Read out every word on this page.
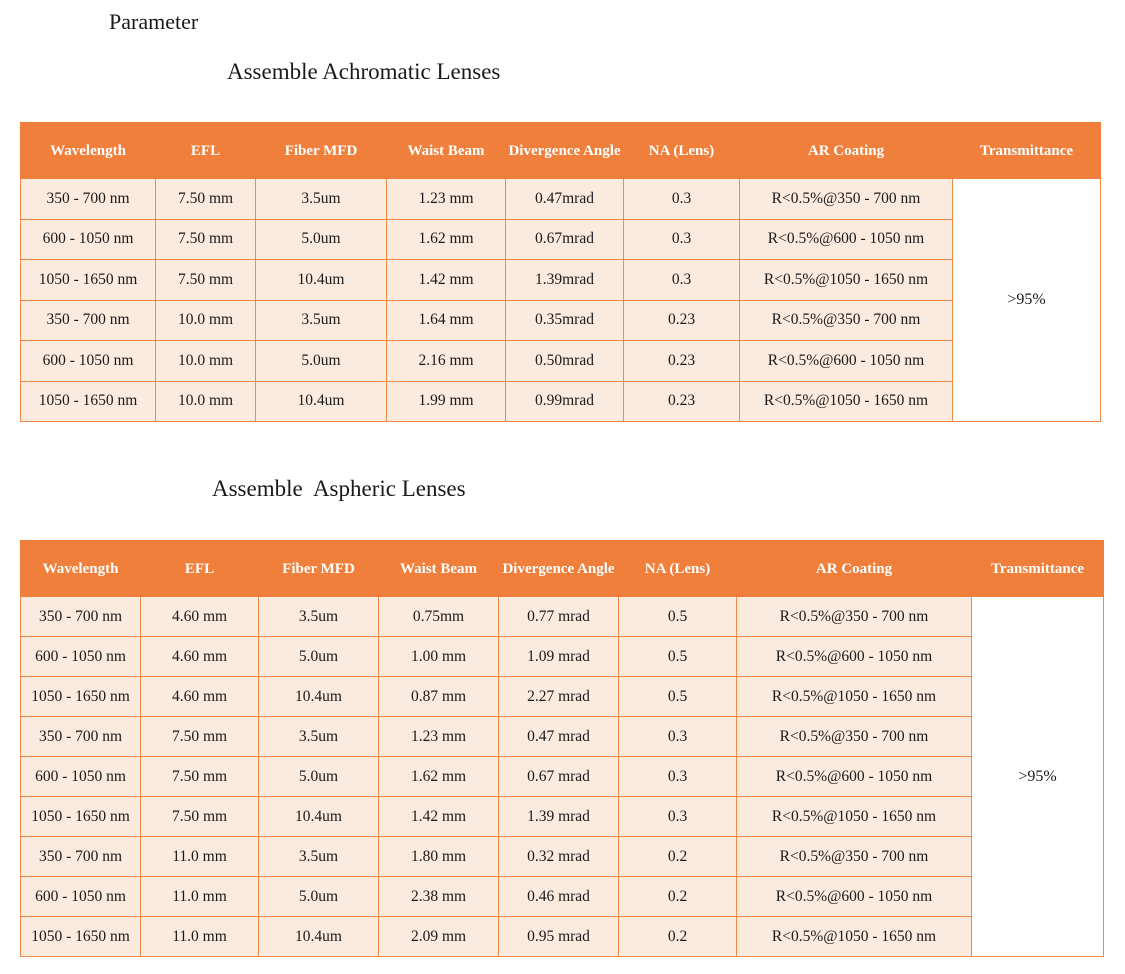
Parameter
Assemble Achromatic Lenses
Wavelength	EFL	Fiber MFD	Waist Beam	Divergence Angle	NA (Lens)	AR Coating	Transmittance
350 - 700 nm	7.50 mm	3.5um	1.23 mm	0.47mrad	0.3	R<0.5%@350 - 700 nm	>95%
600 - 1050 nm	7.50 mm	5.0um	1.62 mm	0.67mrad	0.3	R<0.5%@600 - 1050 nm	
1050 - 1650 nm	7.50 mm	10.4um	1.42 mm	1.39mrad	0.3	R<0.5%@1050 - 1650 nm	
350 - 700 nm	10.0 mm	3.5um	1.64 mm	0.35mrad	0.23	R<0.5%@350 - 700 nm	
600 - 1050 nm	10.0 mm	5.0um	2.16 mm	0.50mrad	0.23	R<0.5%@600 - 1050 nm	
1050 - 1650 nm	10.0 mm	10.4um	1.99 mm	0.99mrad	0.23	R<0.5%@1050 - 1650 nm	
Assemble  Aspheric Lenses
Wavelength	EFL	Fiber MFD	Waist Beam	Divergence Angle	NA (Lens)	AR Coating	Transmittance
350 - 700 nm	4.60 mm	3.5um	0.75mm	0.77 mrad	0.5	R<0.5%@350 - 700 nm	>95%
600 - 1050 nm	4.60 mm	5.0um	1.00 mm	1.09 mrad	0.5	R<0.5%@600 - 1050 nm	
1050 - 1650 nm	4.60 mm	10.4um	0.87 mm	2.27 mrad	0.5	R<0.5%@1050 - 1650 nm	
350 - 700 nm	7.50 mm	3.5um	1.23 mm	0.47 mrad	0.3	R<0.5%@350 - 700 nm	
600 - 1050 nm	7.50 mm	5.0um	1.62 mm	0.67 mrad	0.3	R<0.5%@600 - 1050 nm	
1050 - 1650 nm	7.50 mm	10.4um	1.42 mm	1.39 mrad	0.3	R<0.5%@1050 - 1650 nm	
350 - 700 nm	11.0 mm	3.5um	1.80 mm	0.32 mrad	0.2	R<0.5%@350 - 700 nm	
600 - 1050 nm	11.0 mm	5.0um	2.38 mm	0.46 mrad	0.2	R<0.5%@600 - 1050 nm	
1050 - 1650 nm	11.0 mm	10.4um	2.09 mm	0.95 mrad	0.2	R<0.5%@1050 - 1650 nm	
